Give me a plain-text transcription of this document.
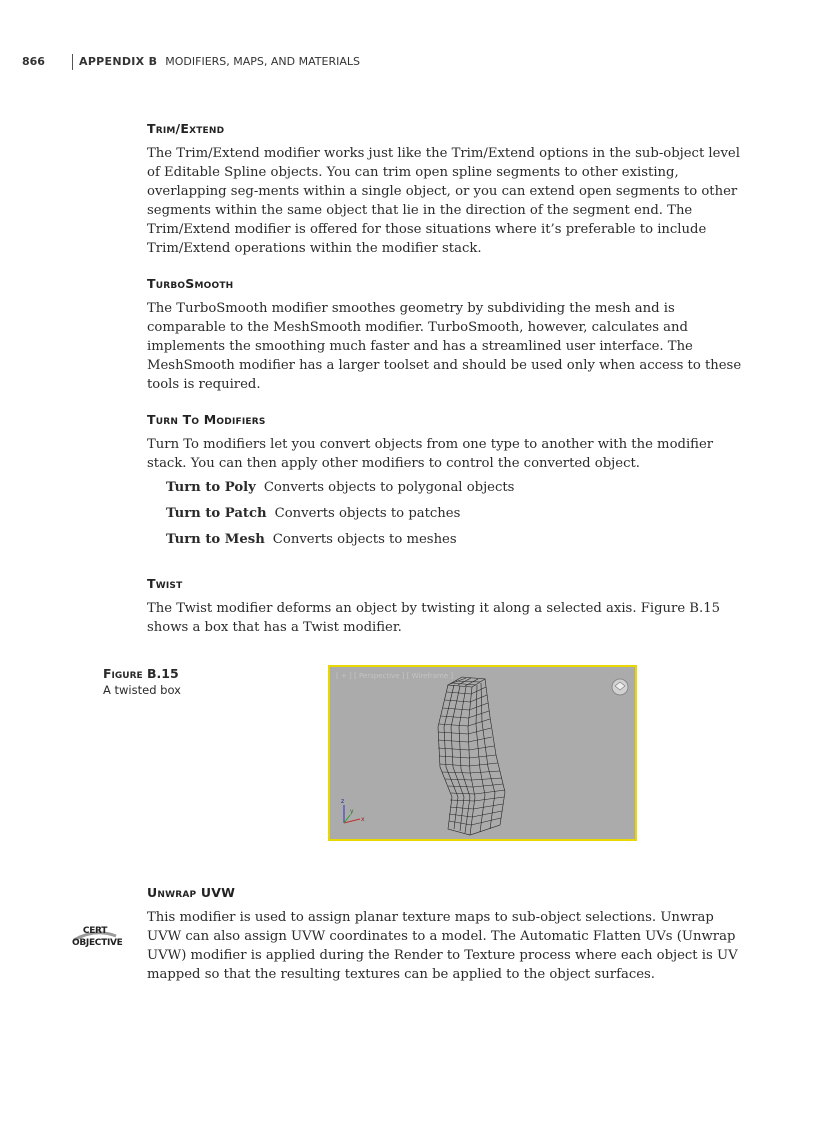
866	APPENDIX B MODIFIERS, MAPS, AND MATERIALS
Trim/Extend

The Trim/Extend modifier works just like the Trim/Extend options in the sub-object level of Editable Spline objects. You can trim open spline segments to other existing, overlapping seg-ments within a single object, or you can extend open segments to other segments within the same object that lie in the direction of the segment end. The Trim/Extend modifier is offered for those situations where it’s preferable to include Trim/Extend operations within the modifier stack.

TurboSmooth

The TurboSmooth modifier smoothes geometry by subdividing the mesh and is comparable to the MeshSmooth modifier. TurboSmooth, however, calculates and implements the smoothing much faster and has a streamlined user interface. The MeshSmooth modifier has a larger toolset and should be used only when access to these tools is required.

Turn To Modifiers

Turn To modifiers let you convert objects from one type to another with the modifier stack. You can then apply other modifiers to control the converted object.

Turn to Poly Converts objects to polygonal objects
Turn to Patch Converts objects to patches
Turn to Mesh Converts objects to meshes
Twist

The Twist modifier deforms an object by twisting it along a selected axis. Figure B.15 shows a box that has a Twist modifier.

Unwrap UVW

This modifier is used to assign planar texture maps to sub-object selections. Unwrap UVW can also assign UVW coordinates to a model. The Automatic Flatten UVs (Unwrap UVW) modifier is applied during the Render to Texture process where each object is UV mapped so that the resulting textures can be applied to the object surfaces.

Figure B.15
A twisted box
[ + ] [ Perspective ] [ Wireframe ]
x
y
z
CERT
OBJECTIVE
